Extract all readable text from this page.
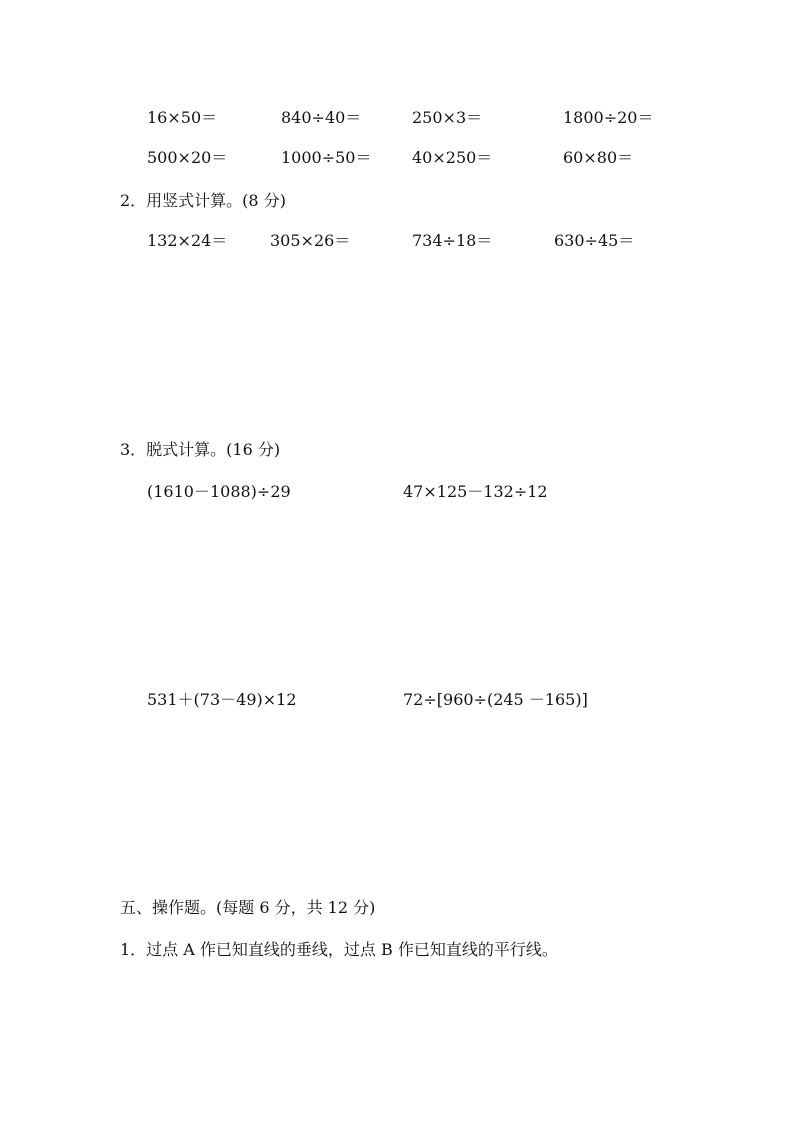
16×50＝	840÷40＝	250×3＝	1800÷20＝
500×20＝	1000÷50＝	40×250＝	60×80＝
2．用竖式计算。(8 分)
132×24＝	305×26＝	734÷18＝	630÷45＝
3．脱式计算。(16 分)
(1610－1088)÷29	47×125－132÷12
531＋(73－49)×12	72÷[960÷(245 －165)]
五、操作题。(每题 6 分，共 12 分)
1．过点 A 作已知直线的垂线，过点 B 作已知直线的平行线。
